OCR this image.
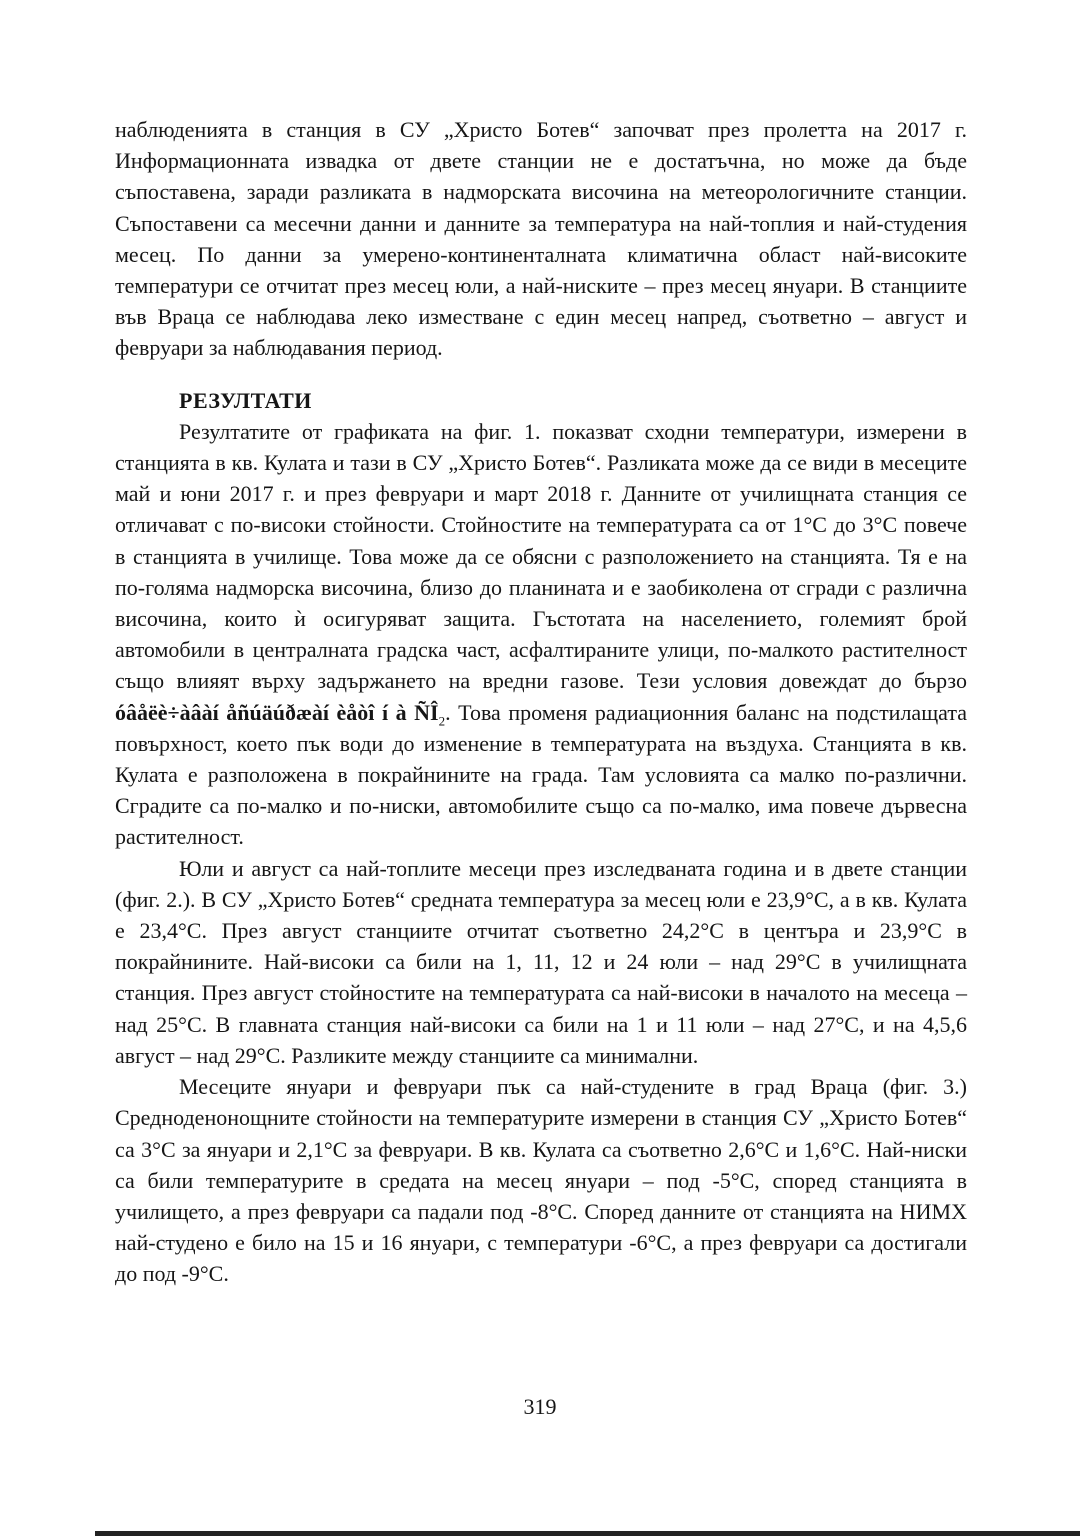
наблюденията в станция в СУ „Христо Ботев“ започват през пролетта на 2017 г. Информационната извадка от двете станции не е достатъчна, но може да бъде съпоставена, заради разликата в надморската височина на метеорологичните станции. Съпоставени са месечни данни и данните за температура на най-топлия и най-студения месец. По данни за умерено-континенталната климатична област най-високите температури се отчитат през месец юли, а най-ниските – през месец януари. В станциите във Враца се наблюдава леко изместване с един месец напред, съответно – август и февруари за наблюдавания период.

РЕЗУЛТАТИ

Резултатите от графиката на фиг. 1. показват сходни температури, измерени в станцията в кв. Кулата и тази в СУ „Христо Ботев“. Разликата може да се види в месеците май и юни 2017 г. и през февруари и март 2018 г. Данните от училищната станция се отличават с по-високи стойности. Стойностите на температурата са от 1°С до 3°С повече в станцията в училище. Това може да се обясни с разположението на станцията. Тя е на по-голяма надморска височина, близо до планината и е заобиколена от сгради с различна височина, които ѝ осигуряват защита. Гъстотата на населението, големият брой автомобили в централната градска част, асфалтираните улици, по-малкото растителност също влияят върху задържането на вредни газове. Тези условия довеждат до бързо óâåëè÷àâàí åñúäúðæàí èåòî í à $ÑÎ_2$. Това променя радиационния баланс на подстилащата повърхност, което пък води до изменение в температурата на въздуха. Станцията в кв. Кулата е разположена в покрайнините на града. Там условията са малко по-различни. Сградите са по-малко и по-ниски, автомобилите също са по-малко, има повече дървесна растителност.

Юли и август са най-топлите месеци през изследваната година и в двете станции (фиг. 2.). В СУ „Христо Ботев“ средната температура за месец юли е 23,9°С, а в кв. Кулата е 23,4°С. През август станциите отчитат съответно 24,2°С в центъра и 23,9°С в покрайнините. Най-високи са били на 1, 11, 12 и 24 юли – над 29°С в училищната станция. През август стойностите на температурата са най-високи в началото на месеца – над 25°С. В главната станция най-високи са били на 1 и 11 юли – над 27°С, и на 4,5,6 август – над 29°С. Разликите между станциите са минимални.

Месеците януари и февруари пък са най-студените в град Враца (фиг. 3.) Средноденонощните стойности на температурите измерени в станция СУ „Христо Ботев“ са 3°С за януари и 2,1°С за февруари. В кв. Кулата са съответно 2,6°С и 1,6°С. Най-ниски са били температурите в средата на месец януари – под -5°С, според станцията в училището, а през февруари са падали под -8°С. Според данните от станцията на НИМХ най-студено е било на 15 и 16 януари, с температури -6°С, а през февруари са достигали до под -9°С.

319
